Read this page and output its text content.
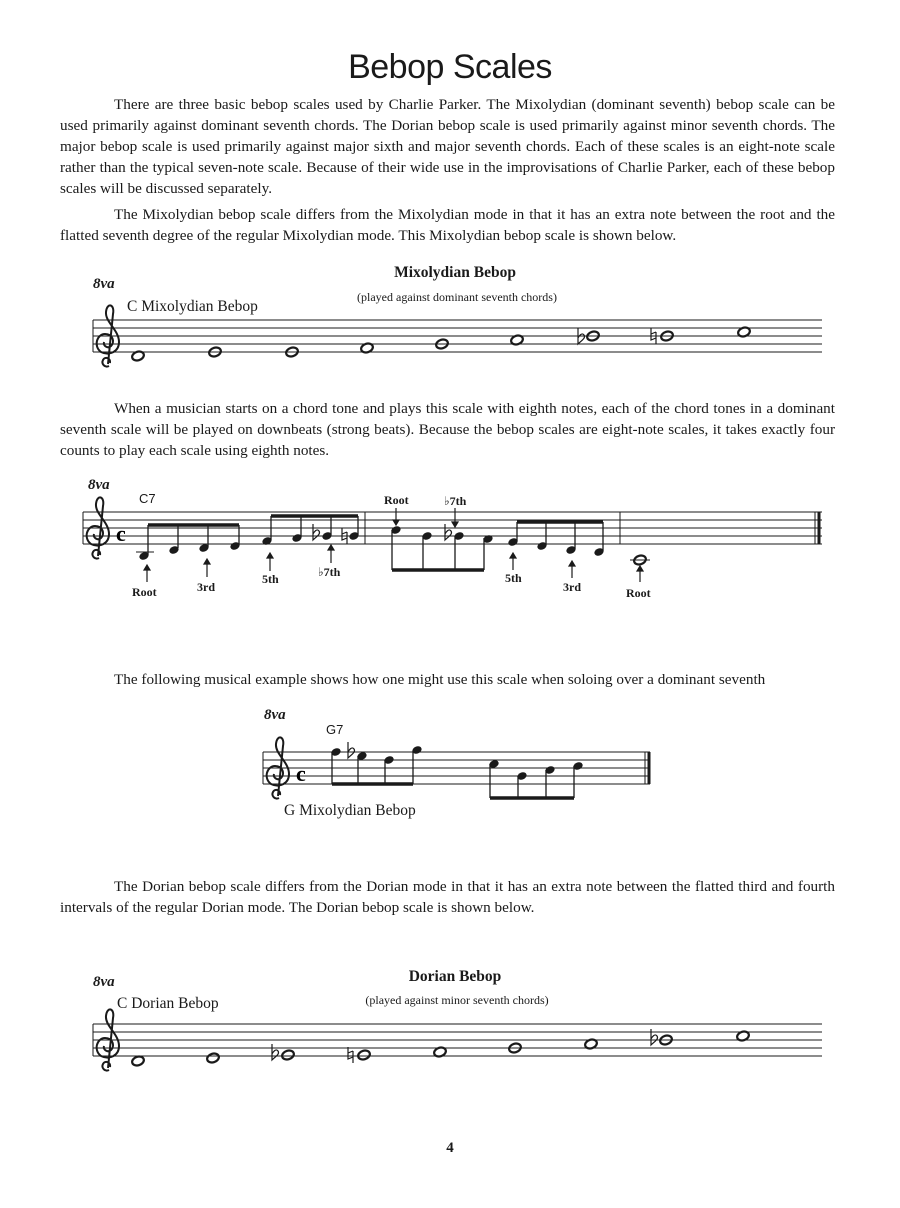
Bebop Scales

There are three basic bebop scales used by Charlie Parker. The Mixolydian (dominant seventh) bebop scale can be used primarily against dominant seventh chords. The Dorian bebop scale is used primarily against minor seventh chords. The major bebop scale is used primarily against major sixth and major seventh chords. Each of these scales is an eight-note scale rather than the typical seven-note scale. Because of their wide use in the improvisations of Charlie Parker, each of these bebop scales will be discussed separately.

The Mixolydian bebop scale differs from the Mixolydian mode in that it has an extra note between the root and the flatted seventh degree of the regular Mixolydian mode. This Mixolydian bebop scale is shown below.

8va
Mixolydian Bebop
(played against dominant seventh chords)
C Mixolydian Bebop
c
c

When a musician starts on a chord tone and plays this scale with eighth notes, each of the chord tones in a dominant seventh scale will be played on downbeats (strong beats). Because the bebop scales are eight-note scales, it takes exactly four counts to play each scale using eighth notes.

8va
C7	Root	♭7th
Root	3rd
5th	♭7th	5th
3rd	Root

The following musical example shows how one might use this scale when soloing over a dominant seventh

8va
G7
G Mixolydian Bebop

The Dorian bebop scale differs from the Dorian mode in that it has an extra note between the flatted third and fourth intervals of the regular Dorian mode. The Dorian bebop scale is shown below.

8va	Dorian Bebop
(played against minor seventh chords)
C Dorian Bebop
4
